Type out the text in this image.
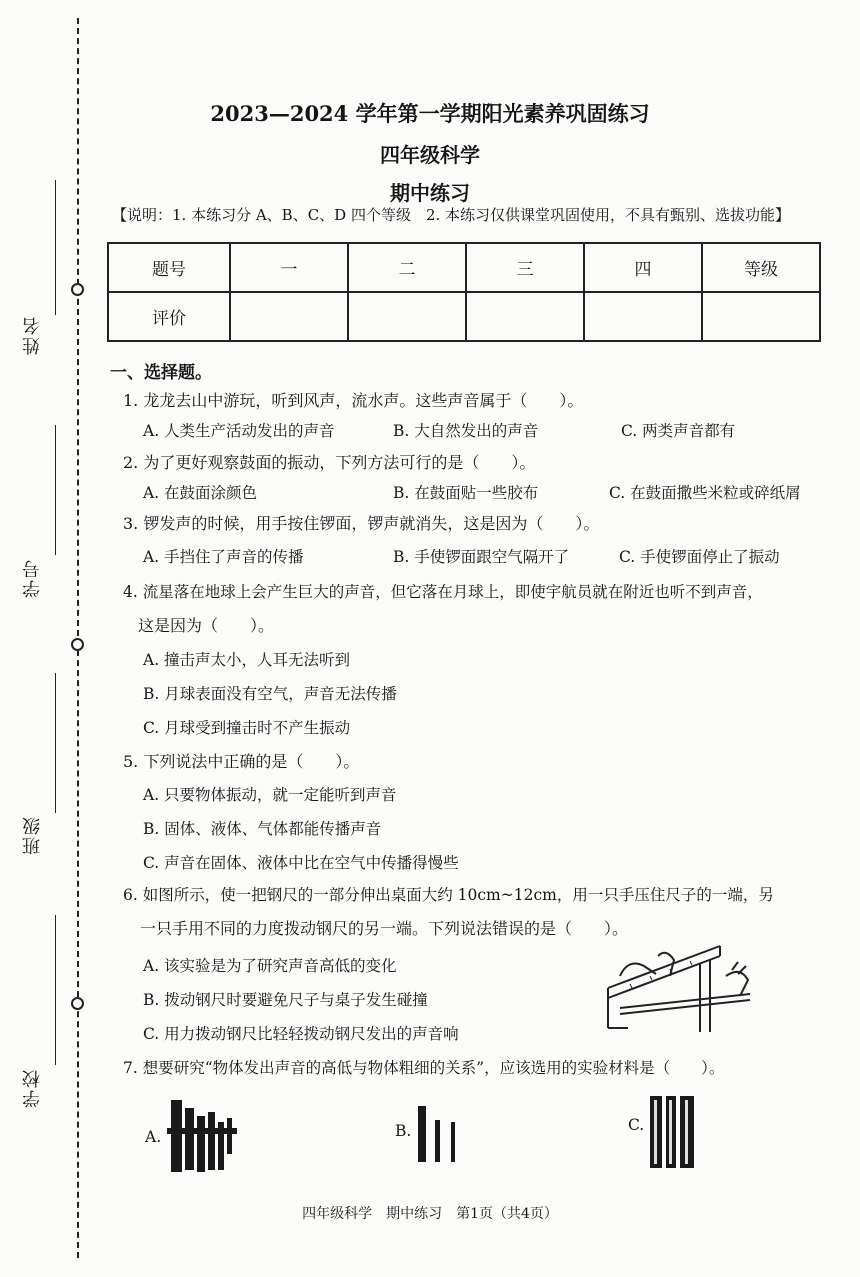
姓名
学号
班级
学校
2023—2024 学年第一学期阳光素养巩固练习
四年级科学
期中练习
【说明：1. 本练习分 A、B、C、D 四个等级　2. 本练习仅供课堂巩固使用，不具有甄别、选拔功能】
题号	一	二	三	四	等级
评价					
一、选择题。
1. 龙龙去山中游玩，听到风声，流水声。这些声音属于（　　）。
A. 人类生产活动发出的声音	B. 大自然发出的声音	C. 两类声音都有
2. 为了更好观察鼓面的振动，下列方法可行的是（　　）。
A. 在鼓面涂颜色	B. 在鼓面贴一些胶布	C. 在鼓面撒些米粒或碎纸屑
3. 锣发声的时候，用手按住锣面，锣声就消失，这是因为（　　）。
A. 手挡住了声音的传播	B. 手使锣面跟空气隔开了	C. 手使锣面停止了振动
4. 流星落在地球上会产生巨大的声音，但它落在月球上，即使宇航员就在附近也听不到声音，
这是因为（　　）。
A. 撞击声太小，人耳无法听到
B. 月球表面没有空气，声音无法传播
C. 月球受到撞击时不产生振动
5. 下列说法中正确的是（　　）。
A. 只要物体振动，就一定能听到声音
B. 固体、液体、气体都能传播声音
C. 声音在固体、液体中比在空气中传播得慢些
6. 如图所示，使一把钢尺的一部分伸出桌面大约 10cm~12cm，用一只手压住尺子的一端，另
一只手用不同的力度拨动钢尺的另一端。下列说法错误的是（　　）。
A. 该实验是为了研究声音高低的变化
B. 拨动钢尺时要避免尺子与桌子发生碰撞
C. 用力拨动钢尺比轻轻拨动钢尺发出的声音响
7. 想要研究“物体发出声音的高低与物体粗细的关系”，应该选用的实验材料是（　　）。
A.	B.	C.
四年级科学　期中练习　第1页（共4页）
